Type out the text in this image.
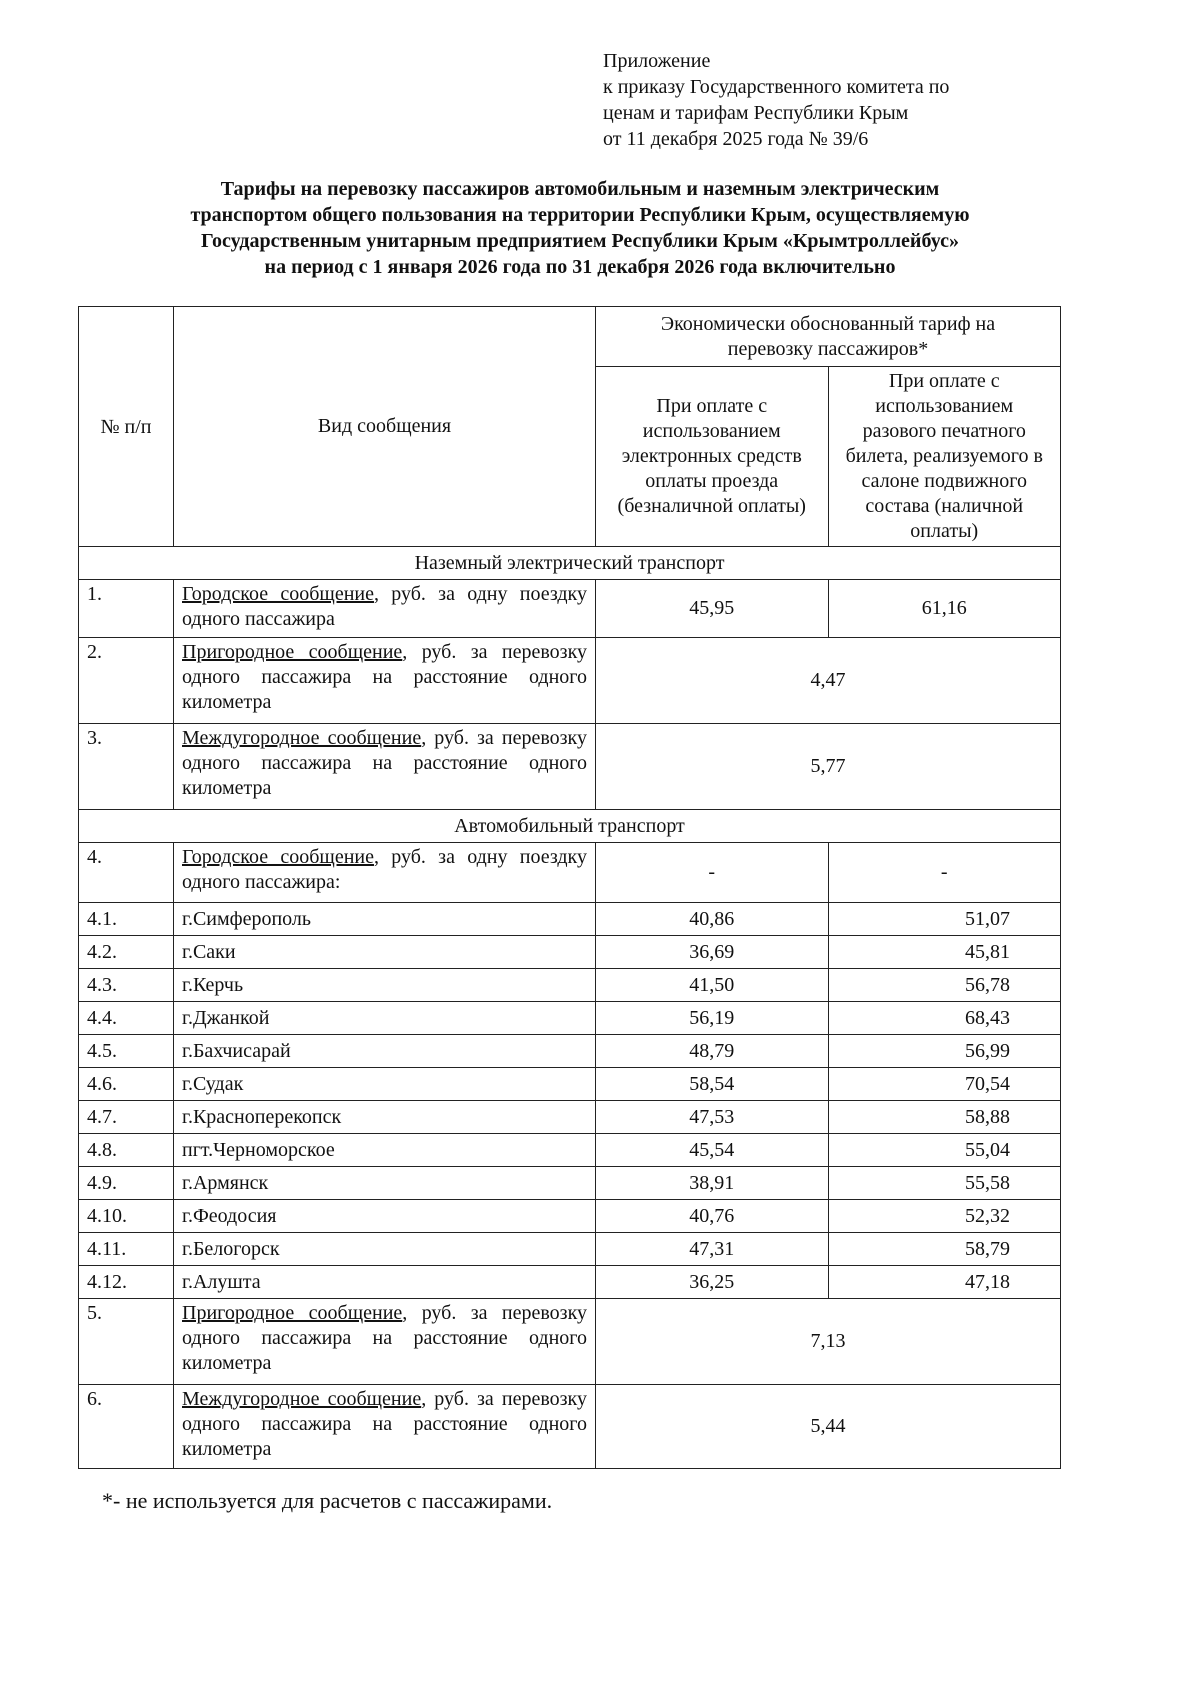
Приложение
к приказу Государственного комитета по
ценам и тарифам Республики Крым
от 11 декабря 2025 года № 39/6
Тарифы на перевозку пассажиров автомобильным и наземным электрическим
транспортом общего пользования на территории Республики Крым, осуществляемую
Государственным унитарным предприятием Республики Крым «Крымтроллейбус»
на период с 1 января 2026 года по 31 декабря 2026 года включительно
№ п/п	Вид сообщения	Экономически обоснованный тариф на перевозку пассажиров*	
		При оплате с использованием электронных средств оплаты проезда (безналичной оплаты)	При оплате с использованием разового печатного билета, реализуемого в салоне подвижного состава (наличной оплаты)
Наземный электрический транспорт			
1.	Городское сообщение, руб. за одну поездку одного пассажира	45,95	61,16
2.	Пригородное сообщение, руб. за перевозку одного пассажира на расстояние одного километра	4,47	
3.	Междугородное сообщение, руб. за перевозку одного пассажира на расстояние одного километра	5,77	
Автомобильный транспорт			
4.	Городское сообщение, руб. за одну поездку одного пассажира:	-	-
4.1.	г.Симферополь	40,86	51,07
4.2.	г.Саки	36,69	45,81
4.3.	г.Керчь	41,50	56,78
4.4.	г.Джанкой	56,19	68,43
4.5.	г.Бахчисарай	48,79	56,99
4.6.	г.Судак	58,54	70,54
4.7.	г.Красноперекопск	47,53	58,88
4.8.	пгт.Черноморское	45,54	55,04
4.9.	г.Армянск	38,91	55,58
4.10.	г.Феодосия	40,76	52,32
4.11.	г.Белогорск	47,31	58,79
4.12.	г.Алушта	36,25	47,18
5.	Пригородное сообщение, руб. за перевозку одного пассажира на расстояние одного километра	7,13	
6.	Междугородное сообщение, руб. за перевозку одного пассажира на расстояние одного километра	5,44	
*- не используется для расчетов с пассажирами.
